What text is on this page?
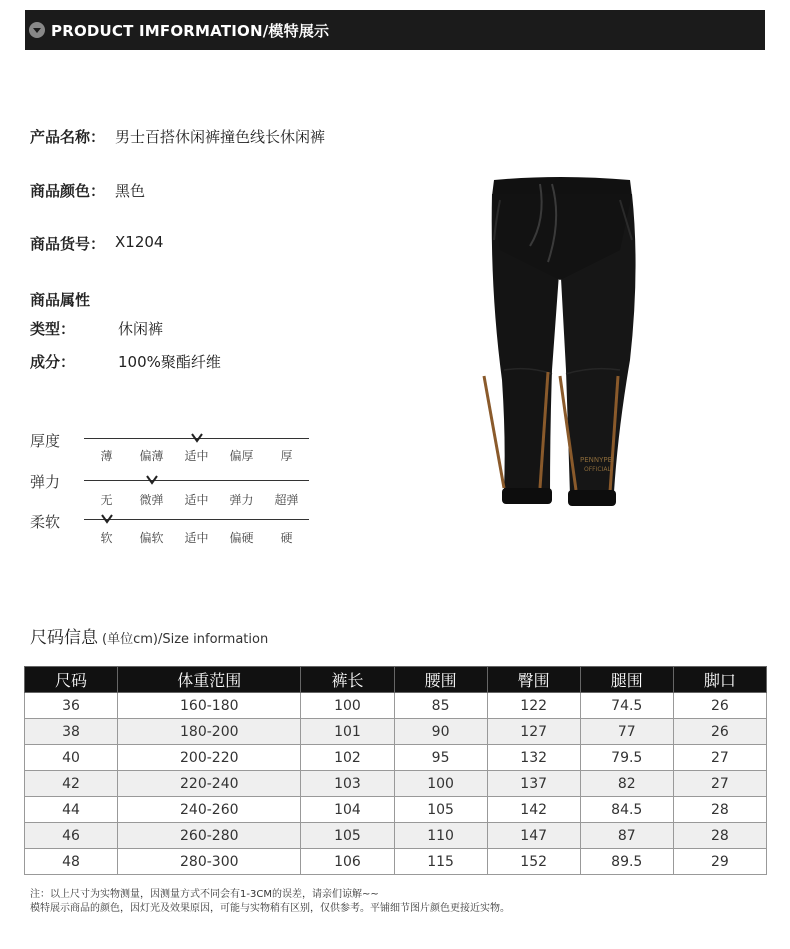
PRODUCT IMFORMATION/模特展示
产品名称： 男士百搭休闲裤撞色线长休闲裤
商品颜色： 黑色
商品货号： X1204
商品属性
类型：	休闲裤
成分：	100%聚酯纤维
厚度
薄	偏薄	适中	偏厚	厚
弹力
无	微弹	适中	弹力	超弹
柔软
软	偏软	适中	偏硬	硬
PENNYPEI
OFFICIAL
尺码信息 (单位cm)/Size information
尺码	体重范围	裤长	腰围	臀围	腿围	脚口
36	160-180	100	85	122	74.5	26
38	180-200	101	90	127	77	26
40	200-220	102	95	132	79.5	27
42	220-240	103	100	137	82	27
44	240-260	104	105	142	84.5	28
46	260-280	105	110	147	87	28
48	280-300	106	115	152	89.5	29
注：以上尺寸为实物测量，因测量方式不同会有1-3CM的误差，请亲们谅解~~
模特展示商品的颜色，因灯光及效果原因，可能与实物稍有区别，仅供参考。平铺细节图片颜色更接近实物。
